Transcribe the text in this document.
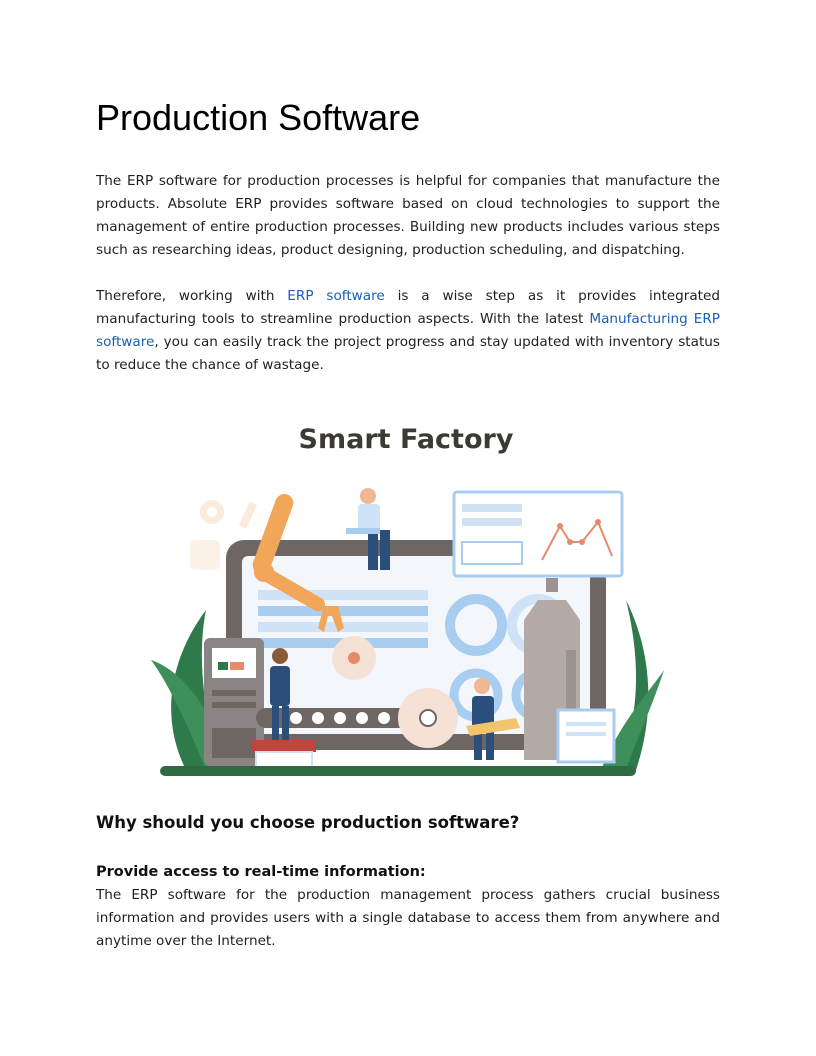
Production Software

The ERP software for production processes is helpful for companies that manufacture the products. Absolute ERP provides software based on cloud technologies to support the management of entire production processes. Building new products includes various steps such as researching ideas, product designing, production scheduling, and dispatching.

Therefore, working with ERP software is a wise step as it provides integrated manufacturing tools to streamline production aspects. With the latest Manufacturing ERP software, you can easily track the project progress and stay updated with inventory status to reduce the chance of wastage.

Smart Factory
Why should you choose production software?
Provide access to real-time information:

The ERP software for the production management process gathers crucial business information and provides users with a single database to access them from anywhere and anytime over the Internet.
